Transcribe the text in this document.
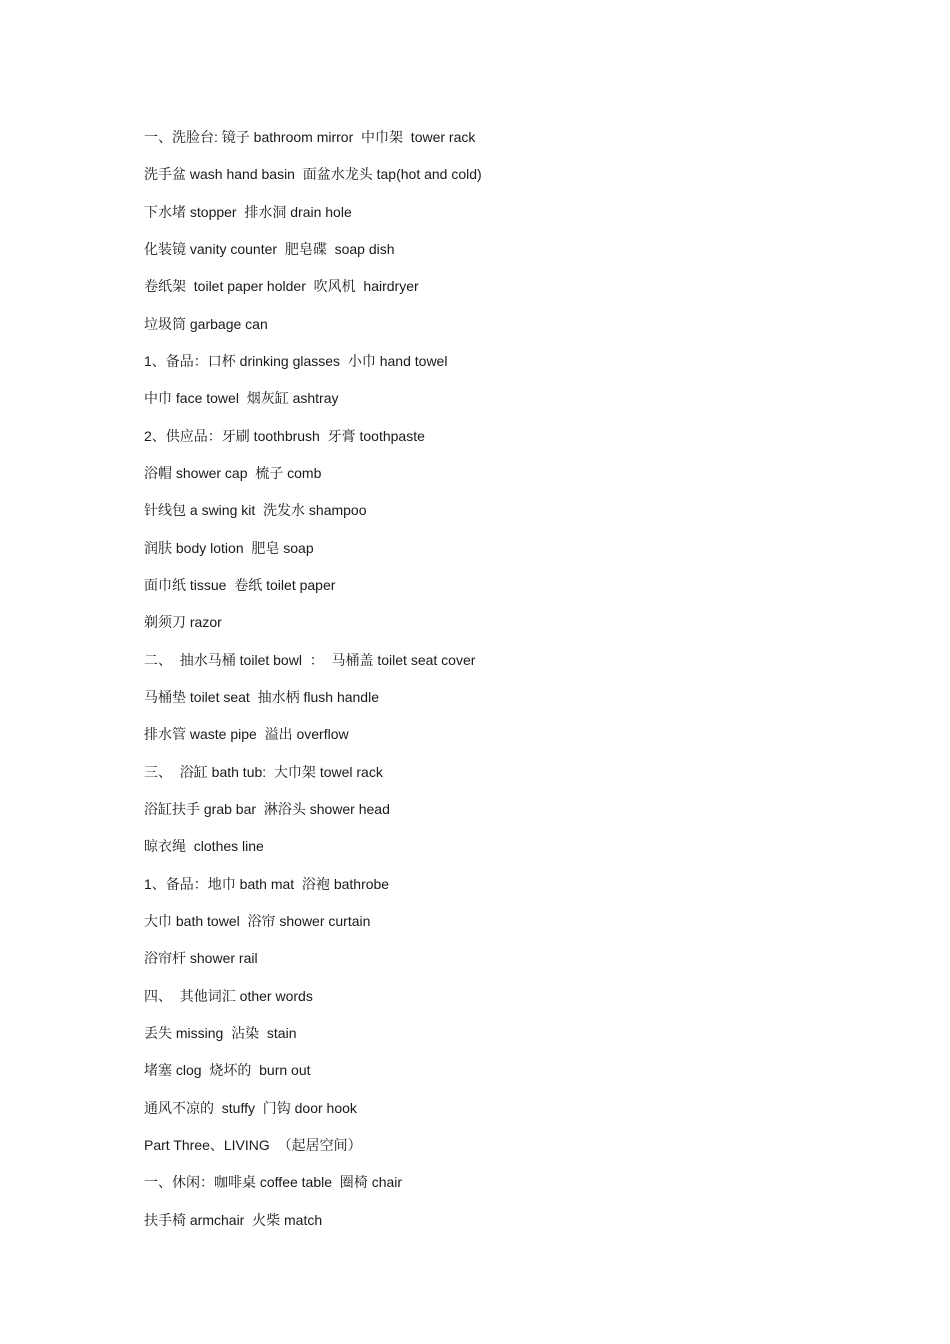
一、洗脸台: 镜子 bathroom mirror  中巾架  tower rack
洗手盆 wash hand basin  面盆水龙头 tap(hot and cold)
下水堵 stopper  排水洞 drain hole
化装镜 vanity counter  肥皂碟  soap dish
卷纸架  toilet paper holder  吹风机  hairdryer
垃圾筒 garbage can
1、备品：口杯 drinking glasses  小巾 hand towel
中巾 face towel  烟灰缸 ashtray
2、供应品：牙刷 toothbrush  牙膏 toothpaste
浴帽 shower cap  梳子 comb
针线包 a swing kit  洗发水 shampoo
润肤 body lotion  肥皂 soap
面巾纸 tissue  卷纸 toilet paper
剃须刀 razor
二、  抽水马桶 toilet bowl  ：  马桶盖 toilet seat cover
马桶垫 toilet seat  抽水柄 flush handle
排水管 waste pipe  溢出 overflow
三、  浴缸 bath tub:  大巾架 towel rack
浴缸扶手 grab bar  淋浴头 shower head
晾衣绳  clothes line
1、备品：地巾 bath mat  浴袍 bathrobe
大巾 bath towel  浴帘 shower curtain
浴帘杆 shower rail
四、  其他词汇 other words
丢失 missing  沾染  stain
堵塞 clog  烧坏的  burn out
通风不凉的  stuffy  门钩 door hook
Part Three、LIVING  （起居空间）
一、休闲：咖啡桌 coffee table  圈椅 chair
扶手椅 armchair  火柴 match
